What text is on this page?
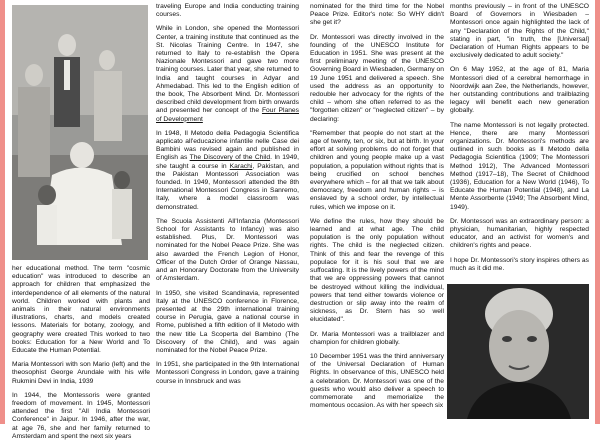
her educational method. The term "cosmic education" was introduced to describe an approach for children that emphasized the interdependence of all elements of the natural world. Children worked with plants and animals in their natural environments illustrations, charts, and models created lessons. Materials for botany, zoology, and geography were created This worked to two books: Education for a New World and To Educate the Human Potential.

Maria Montessori with son Mario (left) and the theosophist George Arundale with his wife Rukmini Devi in India, 1939

In 1944, the Montessoris were granted freedom of movement. In 1945, Montessori attended the first "All India Montessori Conference" in Jaipur. In 1946, after the war, at age 76, she and her family returned to Amsterdam and spent the next six years

traveling Europe and India conducting training courses.

While in London, she opened the Montessori Center, a training institute that continued as the St. Nicolas Training Centre. In 1947, she returned to Italy to re-establish the Opera Nazionale Montessori and gave two more training courses. Later that year, she returned to India and taught courses in Adyar and Ahmedabad. This led to the English edition of the book, The Absorbent Mind. Dr. Montessori described child development from birth onwards and presented her concept of the Four Planes of Development

In 1948, Il Metodo della Pedagogia Scientifica applicato all'educazione infantile nelle Case dei Bambini was revised again and published in English as The Discovery of the Child. In 1949, she taught a course in Karachi, Pakistan, and the Pakistan Montessori Association was founded. In 1949, Montessori attended the 8th International Montessori Congress in Sanremo, Italy, where a model classroom was demonstrated.

The Scuola Assistenti All'Infanzia (Montessori School for Assistants to Infancy) was also established. Plus, Dr. Montessori was nominated for the Nobel Peace Prize. She was also awarded the French Legion of Honor, Officer of the Dutch Order of Orange Nassau, and an Honorary Doctorate from the University of Amsterdam.

In 1950, she visited Scandinavia, represented Italy at the UNESCO conference in Florence, presented at the 29th international training course in Perugia, gave a national course in Rome, published a fifth edition of Il Metodo with the new title La Scoperta del Bambino (The Discovery of the Child), and was again nominated for the Nobel Peace Prize.

In 1951, she participated in the 9th International Montessori Congress in London, gave a training course in Innsbruck and was

nominated for the third time for the Nobel Peace Prize. Editor's note: So WHY didn't she get it?

Dr. Montessori was directly involved in the founding of the UNESCO Institute for Education in 1951. She was present at the first preliminary meeting of the UNESCO Governing Board in Wiesbaden, Germany on 19 June 1951 and delivered a speech. She used the address as an opportunity to redouble her advocacy for the rights of the child – whom she often referred to as the "forgotten citizen" or "neglected citizen" – by declaring:

"Remember that people do not start at the age of twenty, ten, or six, but at birth. In your effort at solving problems do not forget that children and young people make up a vast population, a population without rights that is being crucified on school benches everywhere which – for all that we talk about democracy, freedom and human rights – is enslaved by a school order, by intellectual rules, which we impose on it.

We define the rules, how they should be learned and at what age. The child population is the only population without rights. The child is the neglected citizen. Think of this and fear the revenge of this populace for it is his soul that we are suffocating. It is the lively powers of the mind that we are oppressing powers that cannot be destroyed without killing the individual, powers that tend either towards violence or destruction or slip away into the realm of sickness, as Dr. Stern has so well elucidated".

Dr. Maria Montessori was a trailblazer and champion for children globally.

10 December 1951 was the third anniversary of the Universal Declaration of Human Rights. In observance of this, UNESCO held a celebration. Dr. Montessori was one of the guests who would also deliver a speech to commemorate and memorialize the momentous occasion. As with her speech six

months previously – in front of the UNESCO Board of Governors in Wiesbaden – Montessori once again highlighted the lack of any "Declaration of the Rights of the Child," stating in part, "in truth, the [Universal] Declaration of Human Rights appears to be exclusively dedicated to adult society."

On 6 May 1952, at the age of 81, Maria Montessori died of a cerebral hemorrhage in Noordwijk aan Zee, the Netherlands, however, her outstanding contributions and trailblazing legacy will benefit each new generation globally.

The name Montessori is not legally protected. Hence, there are many Montessori organizations. Dr. Montessori's methods are outlined in such books as Il Metodo della Pedagogia Scientifica (1909; The Montessori Method 1912), The Advanced Montessori Method (1917–18), The Secret of Childhood (1936), Education for a New World (1946), To Educate the Human Potential (1948), and La Mente Assorbente (1949; The Absorbent Mind, 1949).

Dr. Montessori was an extraordinary person: a physician, humanitarian, highly respected educator, and an activist for women's and children's rights and peace.

I hope Dr. Montessori's story inspires others as much as it did me.
